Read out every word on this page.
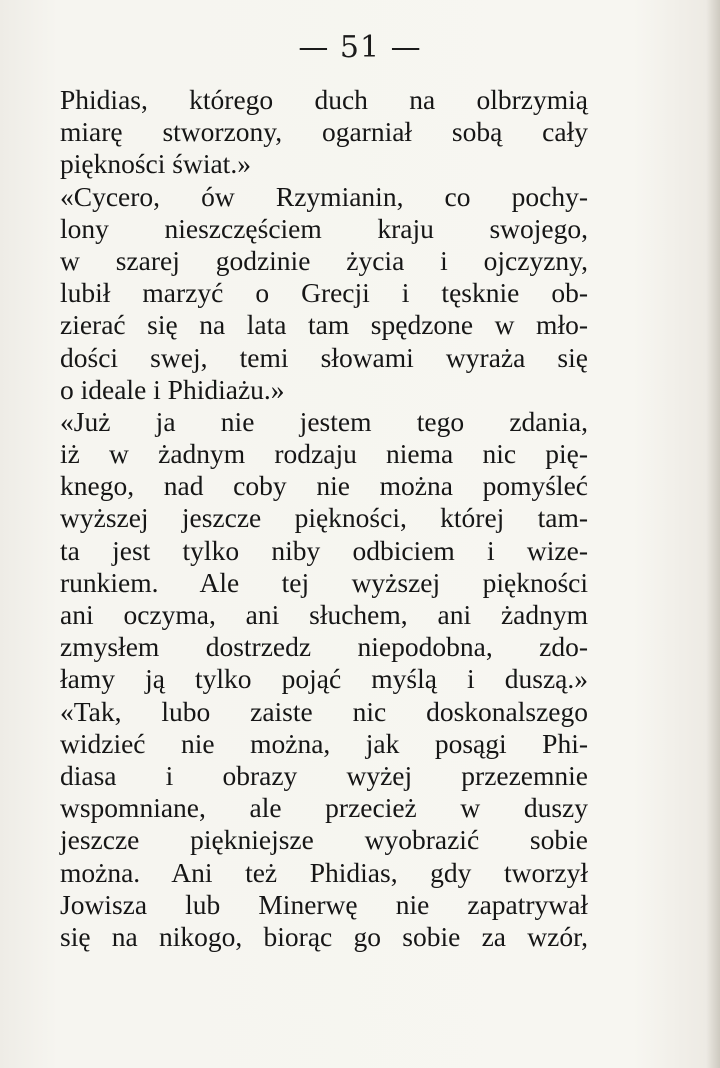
— 51 —
Phidias, którego duch na olbrzymią
miarę stworzony, ogarniał sobą cały
piękności świat.»
«Cycero, ów Rzymianin, co pochy-
lony nieszczęściem kraju swojego,
w szarej godzinie życia i ojczyzny,
lubił marzyć o Grecji i tęsknie ob-
zierać się na lata tam spędzone w mło-
dości swej, temi słowami wyraża się
o ideale i Phidiażu.»
«Już ja nie jestem tego zdania,
iż w żadnym rodzaju niema nic pię-
knego, nad coby nie można pomyśleć
wyższej jeszcze piękności, której tam-
ta jest tylko niby odbiciem i wize-
runkiem. Ale tej wyższej piękności
ani oczyma, ani słuchem, ani żadnym
zmysłem dostrzedz niepodobna, zdo-
łamy ją tylko pojąć myślą i duszą.»
«Tak, lubo zaiste nic doskonalszego
widzieć nie można, jak posągi Phi-
diasa i obrazy wyżej przezemnie
wspomniane, ale przecież w duszy
jeszcze piękniejsze wyobrazić sobie
można. Ani też Phidias, gdy tworzył
Jowisza lub Minerwę nie zapatrywał
się na nikogo, biorąc go sobie za wzór,
